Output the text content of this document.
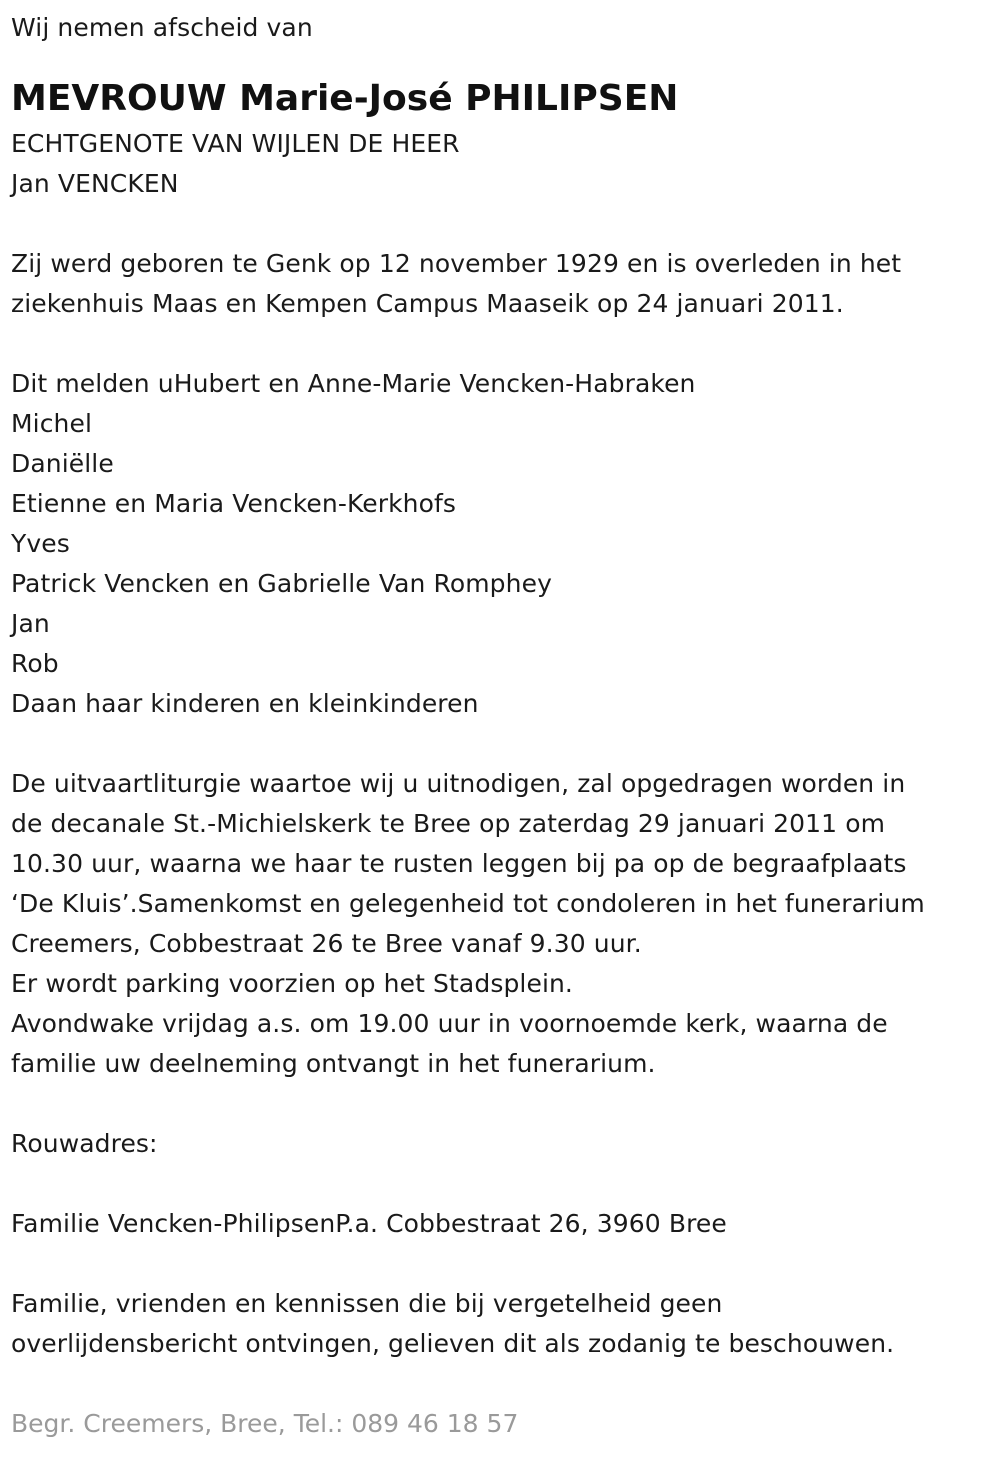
Wij nemen afscheid van
MEVROUW Marie-José PHILIPSEN
ECHTGENOTE VAN WIJLEN DE HEER
Jan VENCKEN
Zij werd geboren te Genk op 12 november 1929 en is overleden in het
ziekenhuis Maas en Kempen Campus Maaseik op 24 januari 2011.
Dit melden uHubert en Anne-Marie Vencken-Habraken
Michel
Daniëlle
Etienne en Maria Vencken-Kerkhofs
Yves
Patrick Vencken en Gabrielle Van Romphey
Jan
Rob
Daan haar kinderen en kleinkinderen
De uitvaartliturgie waartoe wij u uitnodigen, zal opgedragen worden in
de decanale St.-Michielskerk te Bree op zaterdag 29 januari 2011 om
10.30 uur, waarna we haar te rusten leggen bij pa op de begraafplaats
‘De Kluis’.Samenkomst en gelegenheid tot condoleren in het funerarium
Creemers, Cobbestraat 26 te Bree vanaf 9.30 uur.
Er wordt parking voorzien op het Stadsplein.
Avondwake vrijdag a.s. om 19.00 uur in voornoemde kerk, waarna de
familie uw deelneming ontvangt in het funerarium.
Rouwadres:
Familie Vencken-PhilipsenP.a. Cobbestraat 26, 3960 Bree
Familie, vrienden en kennissen die bij vergetelheid geen
overlijdensbericht ontvingen, gelieven dit als zodanig te beschouwen.
Begr. Creemers, Bree, Tel.: 089 46 18 57
